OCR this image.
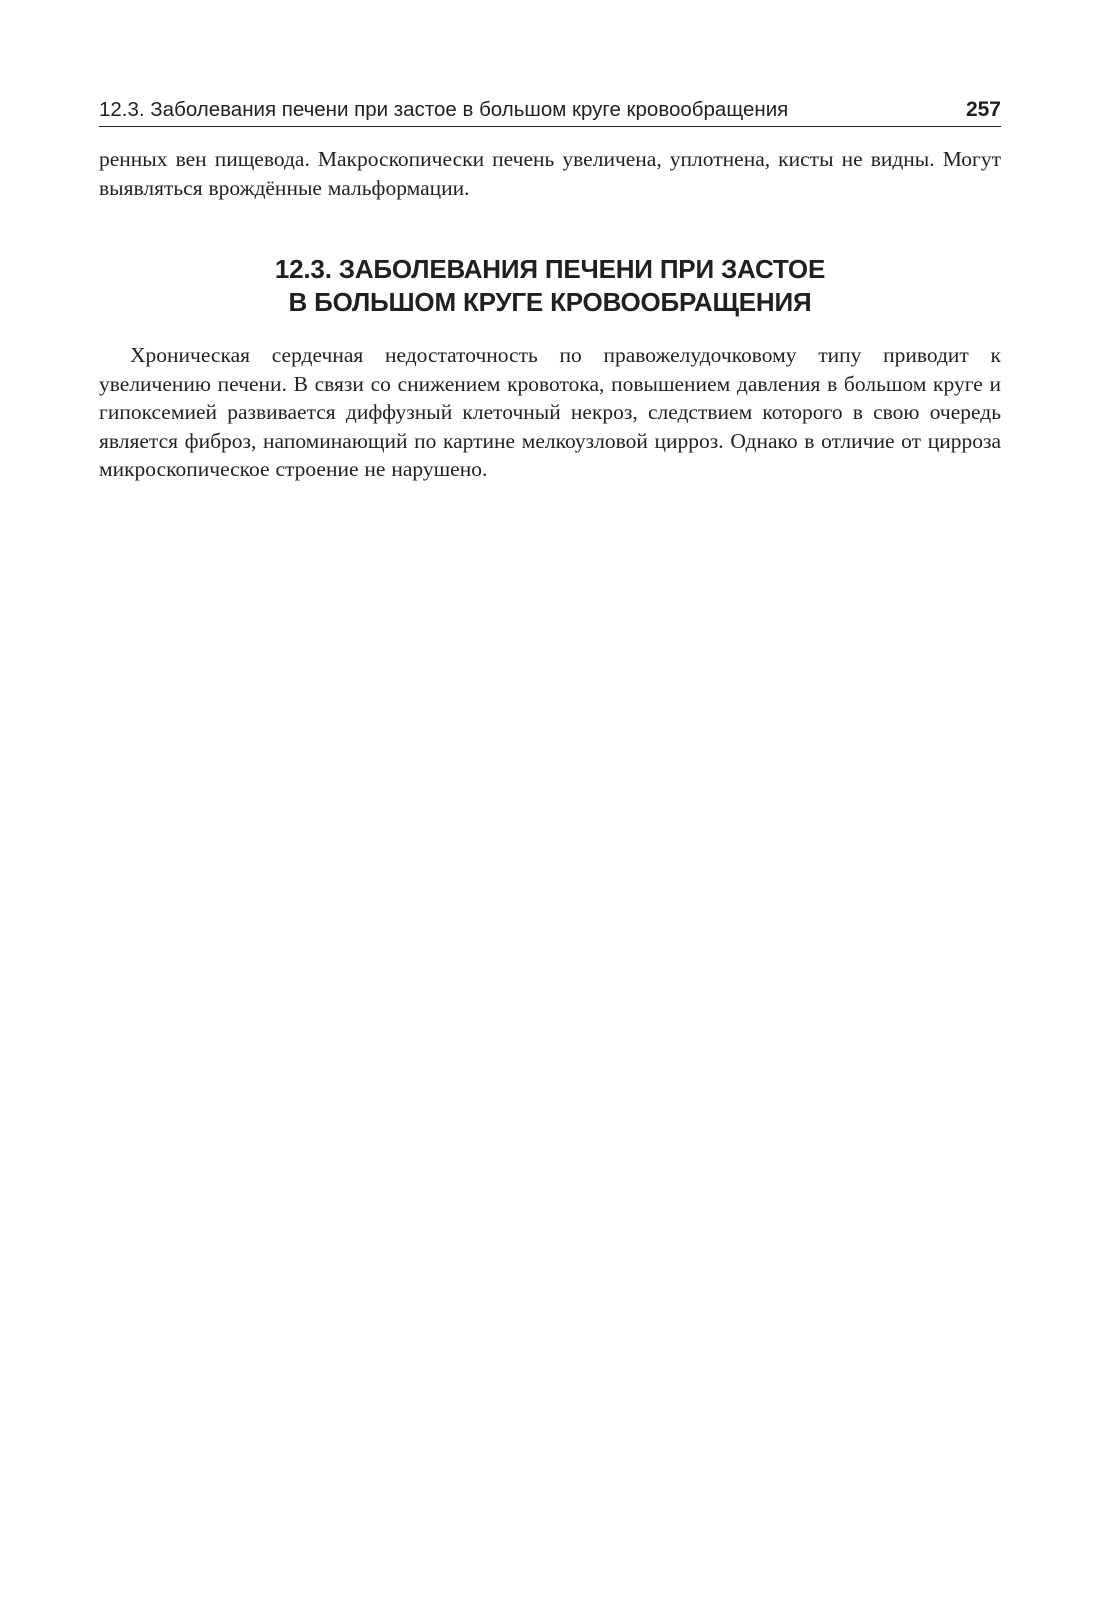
12.3. Заболевания печени при застое в большом круге кровообращения	257

ренных вен пищевода. Макроскопически печень увеличена, уплотнена, кисты не видны. Могут выявляться врождённые мальформации.

12.3. ЗАБОЛЕВАНИЯ ПЕЧЕНИ ПРИ ЗАСТОЕ
В БОЛЬШОМ КРУГЕ КРОВООБРАЩЕНИЯ

Хроническая сердечная недостаточность по правожелудочковому типу приводит к увеличению печени. В связи со снижением кровотока, повышением давления в большом круге и гипоксемией развивается диффузный клеточный некроз, следствием которого в свою очередь является фиброз, напоминающий по картине мелкоузловой цирроз. Однако в отличие от цирроза микроскопическое строение не нарушено.
